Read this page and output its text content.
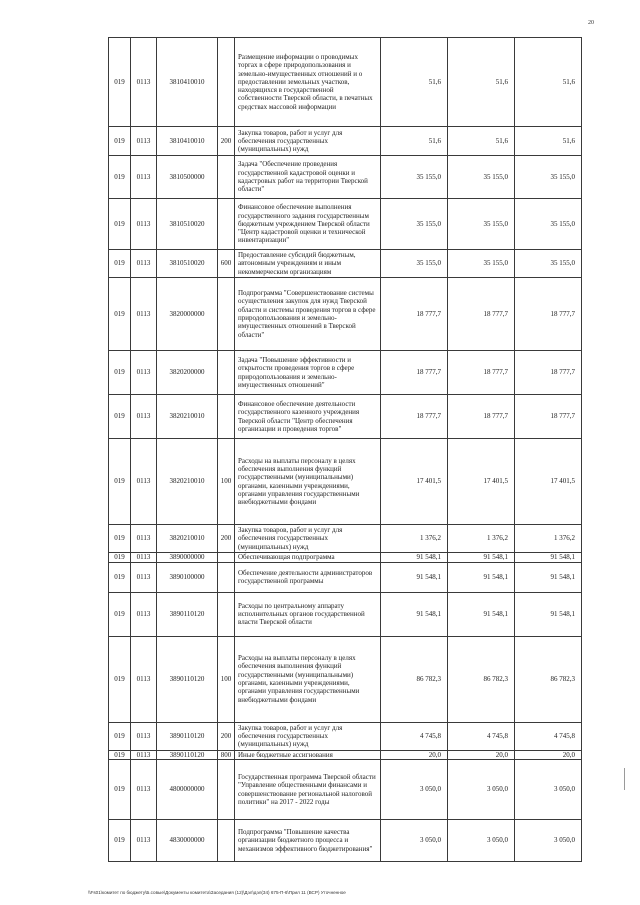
20
019	0113	3810410010		Размещение информации о проводимых торгах в сфере природопользования и земельно-имущественных отношений и о предоставлении земельных участков, находящихся в государственной собственности Тверской области, в печатных средствах массовой информации	51,6	51,6	51,6
019	0113	3810410010	200	Закупка товаров, работ и услуг для обеспечения государственных (муниципальных) нужд	51,6	51,6	51,6
019	0113	3810500000		Задача "Обеспечение проведения государственной кадастровой оценки и кадастровых работ на территории Тверской области"	35 155,0	35 155,0	35 155,0
019	0113	3810510020		Финансовое обеспечение выполнения государственного задания государственным бюджетным учреждением Тверской области "Центр кадастровой оценки и технической инвентаризации"	35 155,0	35 155,0	35 155,0
019	0113	3810510020	600	Предоставление субсидий бюджетным, автономным учреждениям и иным некоммерческим организациям	35 155,0	35 155,0	35 155,0
019	0113	3820000000		Подпрограмма "Совершенствование системы осуществления закупок для нужд Тверской области и системы проведения торгов в сфере природопользования и земельно-имущественных отношений в Тверской области"	18 777,7	18 777,7	18 777,7
019	0113	3820200000		Задача "Повышение эффективности и открытости проведения торгов в сфере природопользования и земельно-имущественных отношений"	18 777,7	18 777,7	18 777,7
019	0113	3820210010		Финансовое обеспечение деятельности государственного казенного учреждения Тверской области "Центр обеспечения организации и проведения торгов"	18 777,7	18 777,7	18 777,7
019	0113	3820210010	100	Расходы на выплаты персоналу в целях обеспечения выполнения функций государственными (муниципальными) органами, казенными учреждениями, органами управления государственными внебюджетными фондами	17 401,5	17 401,5	17 401,5
019	0113	3820210010	200	Закупка товаров, работ и услуг для обеспечения государственных (муниципальных) нужд	1 376,2	1 376,2	1 376,2
019	0113	3890000000		Обеспечивающая подпрограмма	91 548,1	91 548,1	91 548,1
019	0113	3890100000		Обеспечение деятельности администраторов государственной программы	91 548,1	91 548,1	91 548,1
019	0113	3890110120		Расходы по центральному аппарату исполнительных органов государственной власти Тверской области	91 548,1	91 548,1	91 548,1
019	0113	3890110120	100	Расходы на выплаты персоналу в целях обеспечения выполнения функций государственными (муниципальными) органами, казенными учреждениями, органами управления государственными внебюджетными фондами	86 782,3	86 782,3	86 782,3
019	0113	3890110120	200	Закупка товаров, работ и услуг для обеспечения государственных (муниципальных) нужд	4 745,8	4 745,8	4 745,8
019	0113	3890110120	800	Иные бюджетные ассигнования	20,0	20,0	20,0
019	0113	4800000000		Государственная программа Тверской области "Управление общественными финансами и совершенствование региональной налоговой политики" на 2017 - 2022 годы	3 050,0	3 050,0	3 050,0
019	0113	4830000000		Подпрограмма "Повышение качества организации бюджетного процесса и механизмов эффективного бюджетирования"	3 050,0	3 050,0	3 050,0
\\Fs01\комитет по бюджету\Б.совые\Документы комитета\Заседания (12)\Дэл\дэл(34) 675-П-6\Прил 11 (ВСР) Уточненное
